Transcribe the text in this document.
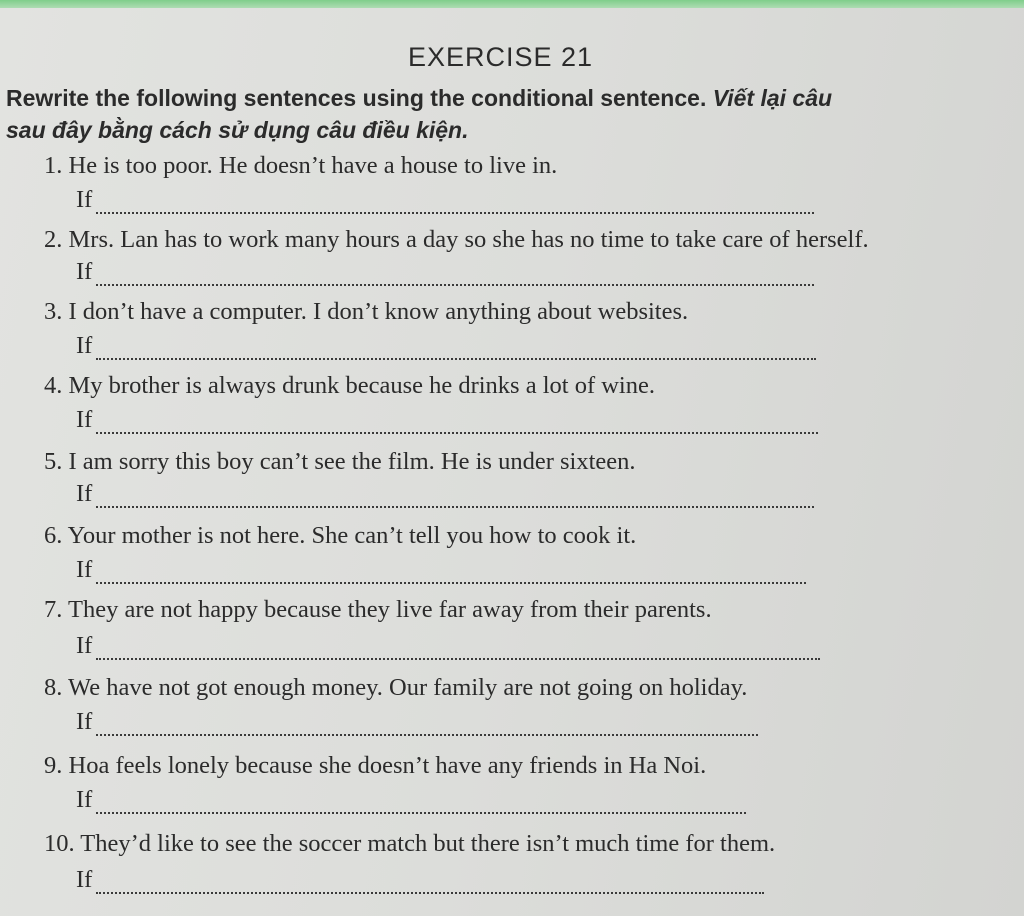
EXERCISE 21
Rewrite the following sentences using the conditional sentence. Viết lại câu
sau đây bằng cách sử dụng câu điều kiện.
1. He is too poor. He doesn’t have a house to live in.
If
2. Mrs. Lan has to work many hours a day so she has no time to take care of herself.
If
3. I don’t have a computer. I don’t know anything about websites.
If
4. My brother is always drunk because he drinks a lot of wine.
If
5. I am sorry this boy can’t see the film. He is under sixteen.
If
6. Your mother is not here. She can’t tell you how to cook it.
If
7. They are not happy because they live far away from their parents.
If
8. We have not got enough money. Our family are not going on holiday.
If
9. Hoa feels lonely because she doesn’t have any friends in Ha Noi.
If
10. They’d like to see the soccer match but there isn’t much time for them.
If
